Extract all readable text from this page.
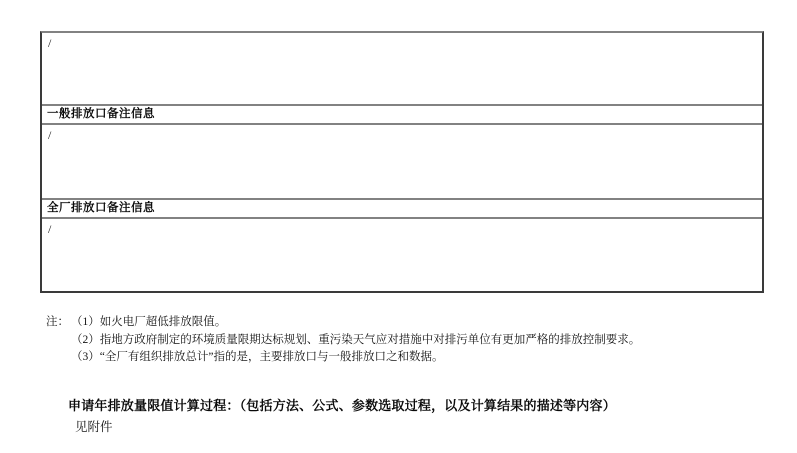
/
一般排放口备注信息
/
全厂排放口备注信息
/
注： （1）如火电厂超低排放限值。
（2）指地方政府制定的环境质量限期达标规划、重污染天气应对措施中对排污单位有更加严格的排放控制要求。
（3）“全厂有组织排放总计”指的是，主要排放口与一般排放口之和数据。
申请年排放量限值计算过程：（包括方法、公式、参数选取过程，以及计算结果的描述等内容）
见附件
